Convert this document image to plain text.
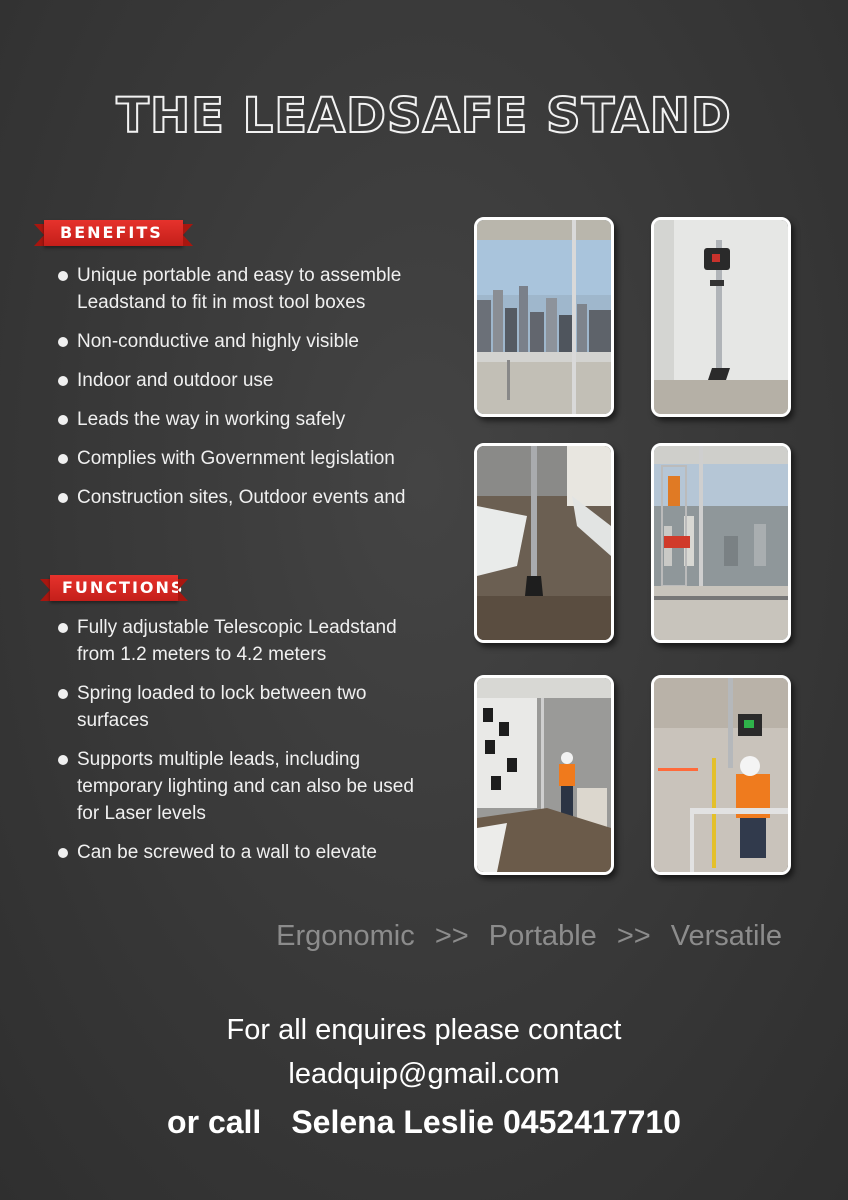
THE LEADSAFE STAND
BENEFITS
Unique portable and easy to assemble Leadstand to fit in most tool boxes
Non-conductive and highly visible
Indoor and outdoor use
Leads the way in working safely
Complies with Government legislation
Construction sites, Outdoor events and
FUNCTIONS
Fully adjustable Telescopic Leadstand from 1.2 meters to 4.2 meters
Spring loaded to lock between two surfaces
Supports multiple leads, including temporary lighting and can also be used for Laser levels
Can be screwed to a wall to elevate
Ergonomic >> Portable >> Versatile
For all enquires please contact
leadquip@gmail.com
or call Selena Leslie 0452417710
